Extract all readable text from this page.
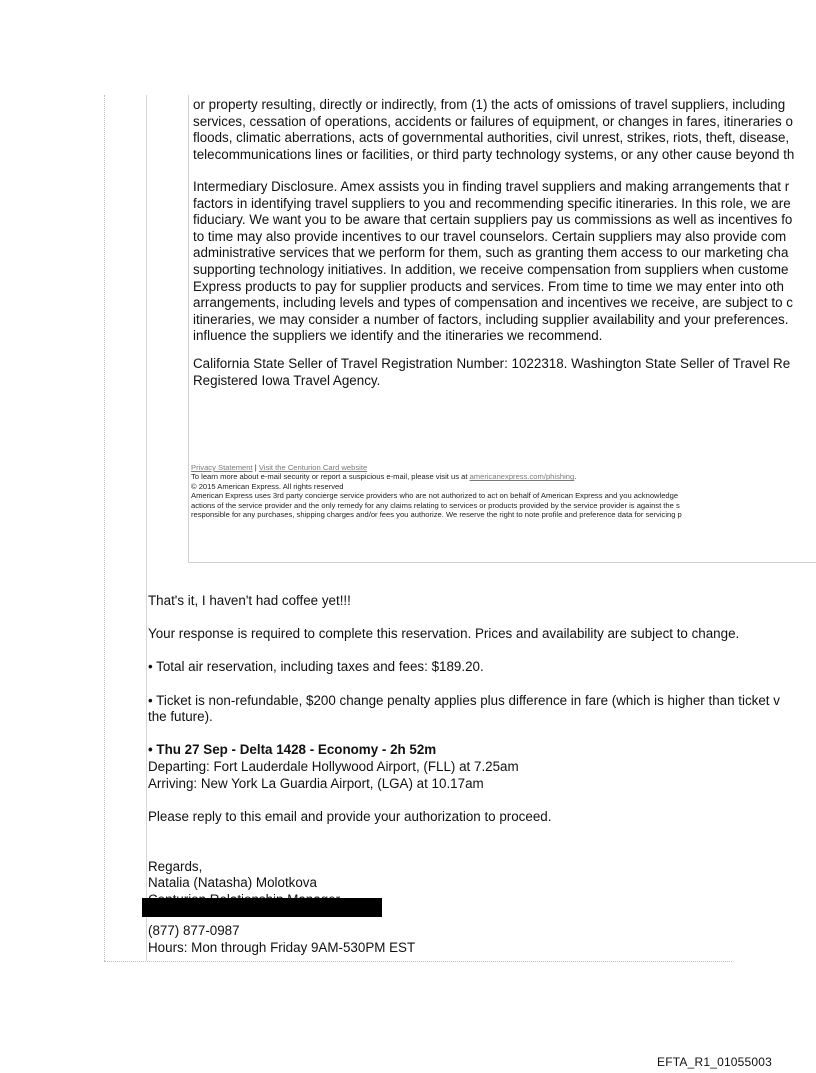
or property resulting, directly or indirectly, from (1) the acts of omissions of travel suppliers, including

services, cessation of operations, accidents or failures of equipment, or changes in fares, itineraries o

floods, climatic aberrations, acts of governmental authorities, civil unrest, strikes, riots, theft, disease,

telecommunications lines or facilities, or third party technology systems, or any other cause beyond th

Intermediary Disclosure. Amex assists you in finding travel suppliers and making arrangements that r

factors in identifying travel suppliers to you and recommending specific itineraries. In this role, we are

fiduciary. We want you to be aware that certain suppliers pay us commissions as well as incentives fo

to time may also provide incentives to our travel counselors. Certain suppliers may also provide com

administrative services that we perform for them, such as granting them access to our marketing cha

supporting technology initiatives. In addition, we receive compensation from suppliers when custome

Express products to pay for supplier products and services. From time to time we may enter into oth

arrangements, including levels and types of compensation and incentives we receive, are subject to c

itineraries, we may consider a number of factors, including supplier availability and your preferences.

influence the suppliers we identify and the itineraries we recommend.

California State Seller of Travel Registration Number: 1022318. Washington State Seller of Travel Re

Registered Iowa Travel Agency.

Privacy Statement | Visit the Centurion Card website
To learn more about e-mail security or report a suspicious e-mail, please visit us at americanexpress.com/phishing.
© 2015 American Express. All rights reserved
American Express uses 3rd party concierge service providers who are not authorized to act on behalf of American Express and you acknowledge
actions of the service provider and the only remedy for any claims relating to services or products provided by the service provider is against the s
responsible for any purchases, shipping charges and/or fees you authorize. We reserve the right to note profile and preference data for servicing p

That's it, I haven't had coffee yet!!!

Your response is required to complete this reservation. Prices and availability are subject to change.

• Total air reservation, including taxes and fees: $189.20.

• Ticket is non-refundable, $200 change penalty applies plus difference in fare (which is higher than ticket v

the future).

• Thu 27 Sep - Delta 1428 - Economy - 2h 52m

Departing: Fort Lauderdale Hollywood Airport, (FLL) at 7.25am

Arriving: New York La Guardia Airport, (LGA) at 10.17am

Please reply to this email and provide your authorization to proceed.

Regards,

Natalia (Natasha) Molotkova

(877) 877-0987

Hours: Mon through Friday 9AM-530PM EST

EFTA_R1_01055003
